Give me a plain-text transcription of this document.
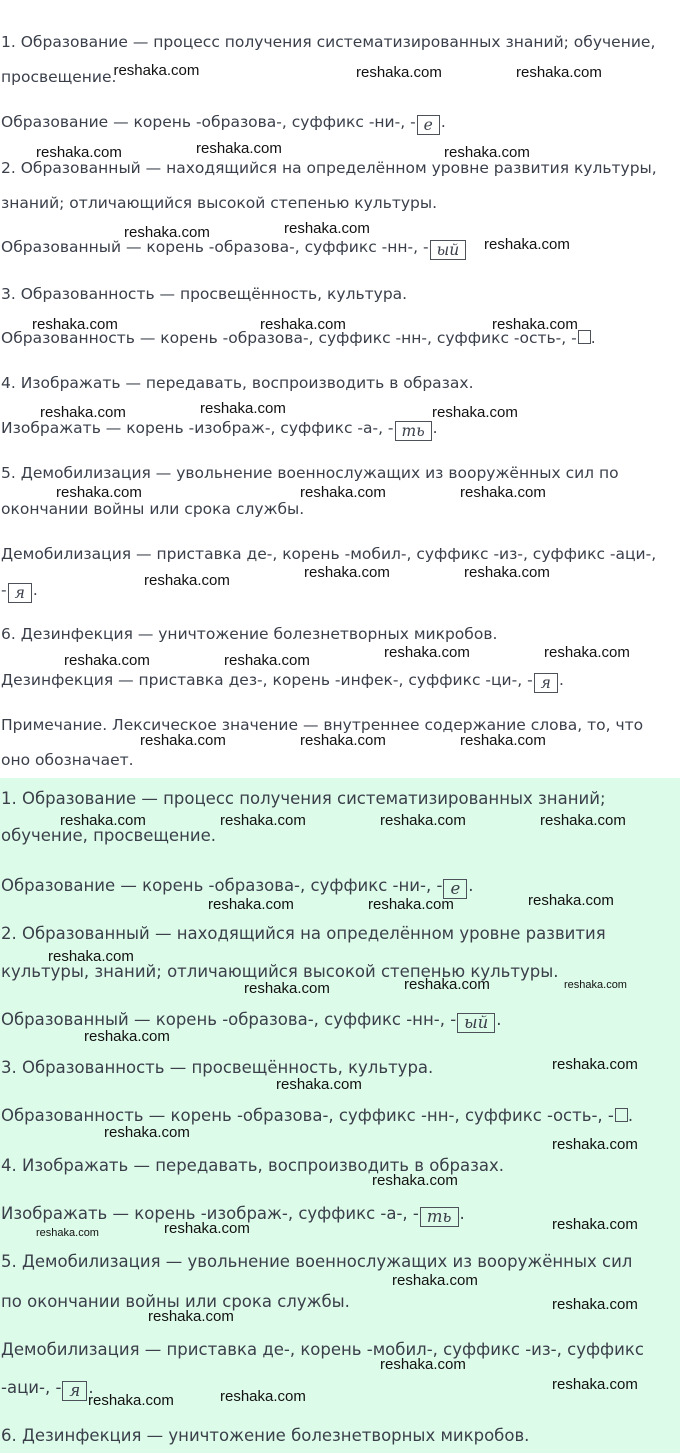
1. Образование — процесс получения систематизированных знаний; обучение,
просвещение.reshaka.com
Образование — корень -образова-, суффикс -ни-, - е .
2. Образованный — находящийся на определённом уровне развития культуры,
знаний; отличающийся высокой степенью культуры.
Образованный — корень -образова-, суффикс -нн-, - ый
3. Образованность — просвещённость, культура.
Образованность — корень -образова-, суффикс -нн-, суффикс -ость-, - .
4. Изображать — передавать, воспроизводить в образах.
Изображать — корень -изображ-, суффикс -а-, - ть .
5. Демобилизация — увольнение военнослужащих из вооружённых сил по
окончании войны или срока службы.
Демобилизация — приставка де-, корень -мобил-, суффикс -из-, суффикс -аци-,
- я .
6. Дезинфекция — уничтожение болезнетворных микробов.
Дезинфекция — приставка дез-, корень -инфек-, суффикс -ци-, - я .
Примечание. Лексическое значение — внутреннее содержание слова, то, что
оно обозначает.
reshaka.com	reshaka.com
reshaka.com	reshaka.com	reshaka.com
reshaka.com	reshaka.com
reshaka.com
reshaka.com	reshaka.com	reshaka.com
reshaka.com	reshaka.com	reshaka.com
reshaka.com	reshaka.com	reshaka.com
reshaka.com	reshaka.com
reshaka.com
reshaka.com	reshaka.com	reshaka.com	reshaka.com
reshaka.com	reshaka.com	reshaka.com
1. Образование — процесс получения систематизированных знаний;
обучение, просвещение.
Образование — корень -образова-, суффикс -ни-, - е .
2. Образованный — находящийся на определённом уровне развития
культуры, знаний; отличающийся высокой степенью культуры.
Образованный — корень -образова-, суффикс -нн-, - ый .
3. Образованность — просвещённость, культура.
Образованность — корень -образова-, суффикс -нн-, суффикс -ость-, - .
4. Изображать — передавать, воспроизводить в образах.
Изображать — корень -изображ-, суффикс -а-, - ть .
5. Демобилизация — увольнение военнослужащих из вооружённых сил
по окончании войны или срока службы.
Демобилизация — приставка де-, корень -мобил-, суффикс -из-, суффикс
-аци-, - я .
6. Дезинфекция — уничтожение болезнетворных микробов.
reshaka.com	reshaka.com	reshaka.com	reshaka.com
reshaka.com	reshaka.com	reshaka.com
reshaka.com
reshaka.com	reshaka.com	reshaka.com
reshaka.com
reshaka.com
reshaka.com
reshaka.com
reshaka.com
reshaka.com
reshaka.com	reshaka.com	reshaka.com
reshaka.com
reshaka.com
reshaka.com
reshaka.com
reshaka.com
reshaka.com
reshaka.com
